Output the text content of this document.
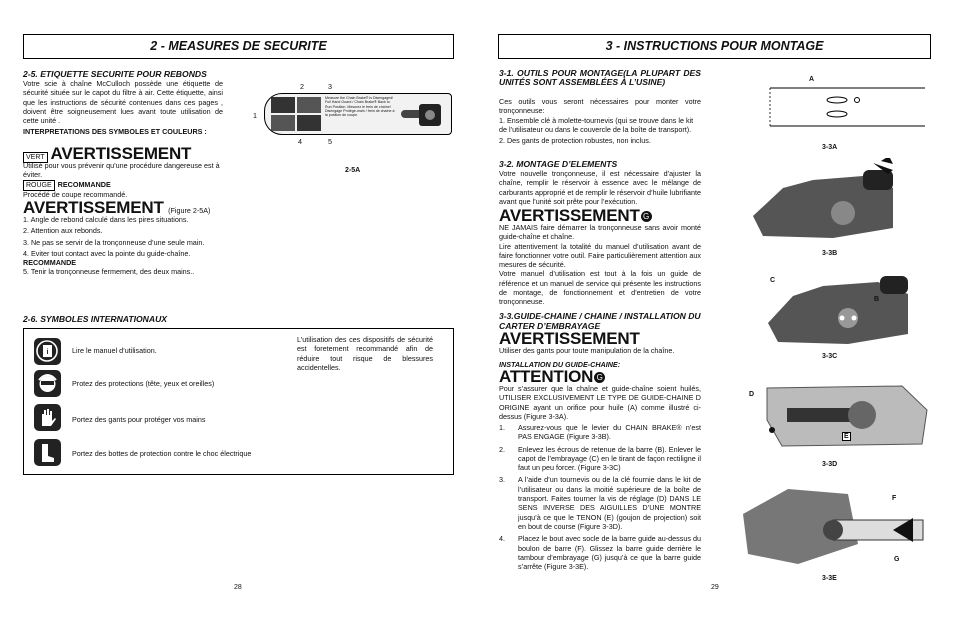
2 - MEASURES DE SECURITE
2-5. ETIQUETTE SECURITE POUR REBONDS
Votre scie à chaîne McCulloch possède une étiquette de sécurité située sur le capot du filtre à air. Cette étiquette, ainsi que les instructions de sécurité contenues dans ces pages , doivent être soigneusement lues avant toute utilisation de cette unité .
INTERPRETATIONS DES SYMBOLES ET COULEURS :
VERT AVERTISSEMENT
Utilisé pour vous prévenir qu’une procédure dangereuse est à éviter.
ROUGE RECOMMANDE
Procédé de coupe recommandé.
AVERTISSEMENT (Figure 2-5A)
1. Angle de rebond calculé dans les pires situations.
2. Attention aux rebonds.
3. Ne pas se servir de la tronçonneuse d’une seule main.
4. Eviter tout contact avec la pointe du guide-chaîne.
RECOMMANDE
5. Tenir la tronçonneuse fermement, des deux mains..
2	3
1
4	5
Measure the Chain Brake® is Disengaged! Full Hand Guard / Chain Brake® Back to Run Position. Mesurez le frein de chaîne! Disengage Protège-main / frein de chaîne à la position de coupe.
2-5A
2-6. SYMBOLES INTERNATIONAUX
i	Lire le manuel d’utilisation.
Protez des protections (tête, yeux et oreilles)
Portez des gants pour protéger vos mains
Portez des bottes de protection contre le choc électrique
L’utilisation des ces dispositifs de sécurité est foretement recommandé afin de réduire tout risque de blessures accidentelles.
28
3 - INSTRUCTIONS POUR MONTAGE
3-1. OUTILS POUR MONTAGE(LA PLUPART DES UNITÉS SONT ASSEMBLÉES À L’USINE)
Ces outils vous seront nécessaires pour monter votre tronçonneuse:
1. Ensemble clé à molette-tournevis (qui se trouve dans le kit de l’utilisateur ou dans le couvercle de la boîte de transport).
2. Des gants de protection robustes, non inclus.
3-2. MONTAGE D’ELEMENTS
Votre nouvelle tronçonneuse, il est nécessaire d’ajuster la chaîne, remplir le réservoir à essence avec le mélange de carburants approprié et de remplir le réservoir d’huile lubrifiante avant que l’unité soit prête pour l’exécution.
AVERTISSEMENT G
NE JAMAIS faire démarrer la tronçonneuse sans avoir monté guide-chaîne et chaîne.
Lire attentivement la totalité du manuel d’utilisation avant de faire fonctionner votre outil. Faire particulièrement attention aux mesures de sécurité.
Votre manuel d’utilisation est tout à la fois un guide de référence et un manuel de service qui présente les instructions de montage, de fonctionnement et d’entretien de votre tronçonneuse.
3-3.GUIDE-CHAINE / CHAINE / INSTALLATION DU CARTER D’EMBRAYAGE
AVERTISSEMENT
Utiliser des gants pour toute manipulation de la chaîne.
INSTALLATION DU GUIDE-CHAINE:
ATTENTION G
Pour s’assurer que la chaîne et guide-chaîne soient huilés, UTILISER EXCLUSIVEMENT LE TYPE DE GUIDE-CHAINE D ORIGINE ayant un orifice pour huile (A) comme illustré ci-dessus (Figure 3-3A).
1.	Assurez-vous que le levier du CHAIN BRAKE® n’est PAS ENGAGE (Figure 3-3B).
2.	Enlevez les écrous de retenue de la barre (B). Enlever le capot de l’embrayage (C) en le tirant de façon rectiligne il faut un peu forcer. (Figure 3-3C)
3.	A l’aide d’un tournevis ou de la clé fournie dans le kit de l’utilisateur ou dans la moitié supérieure de la boîte de transport. Faites tourner la vis de réglage (D) DANS LE SENS INVERSE DES AIGUILLES D’UNE MONTRE jusqu’à ce que le TENON (E) (goujon de projection) soit en bout de course (Figure 3-3D).
4.	Placez le bout avec socle de la barre guide au-dessus du boulon de barre (F). Glissez la barre guide derrière le tambour d’embrayage (G) jusqu’à ce que la barre guide s’arrête (Figure 3-3E).
A
3-3A
3-3B
C
B
3-3C
D
E
3-3D
F
G
3-3E
29
